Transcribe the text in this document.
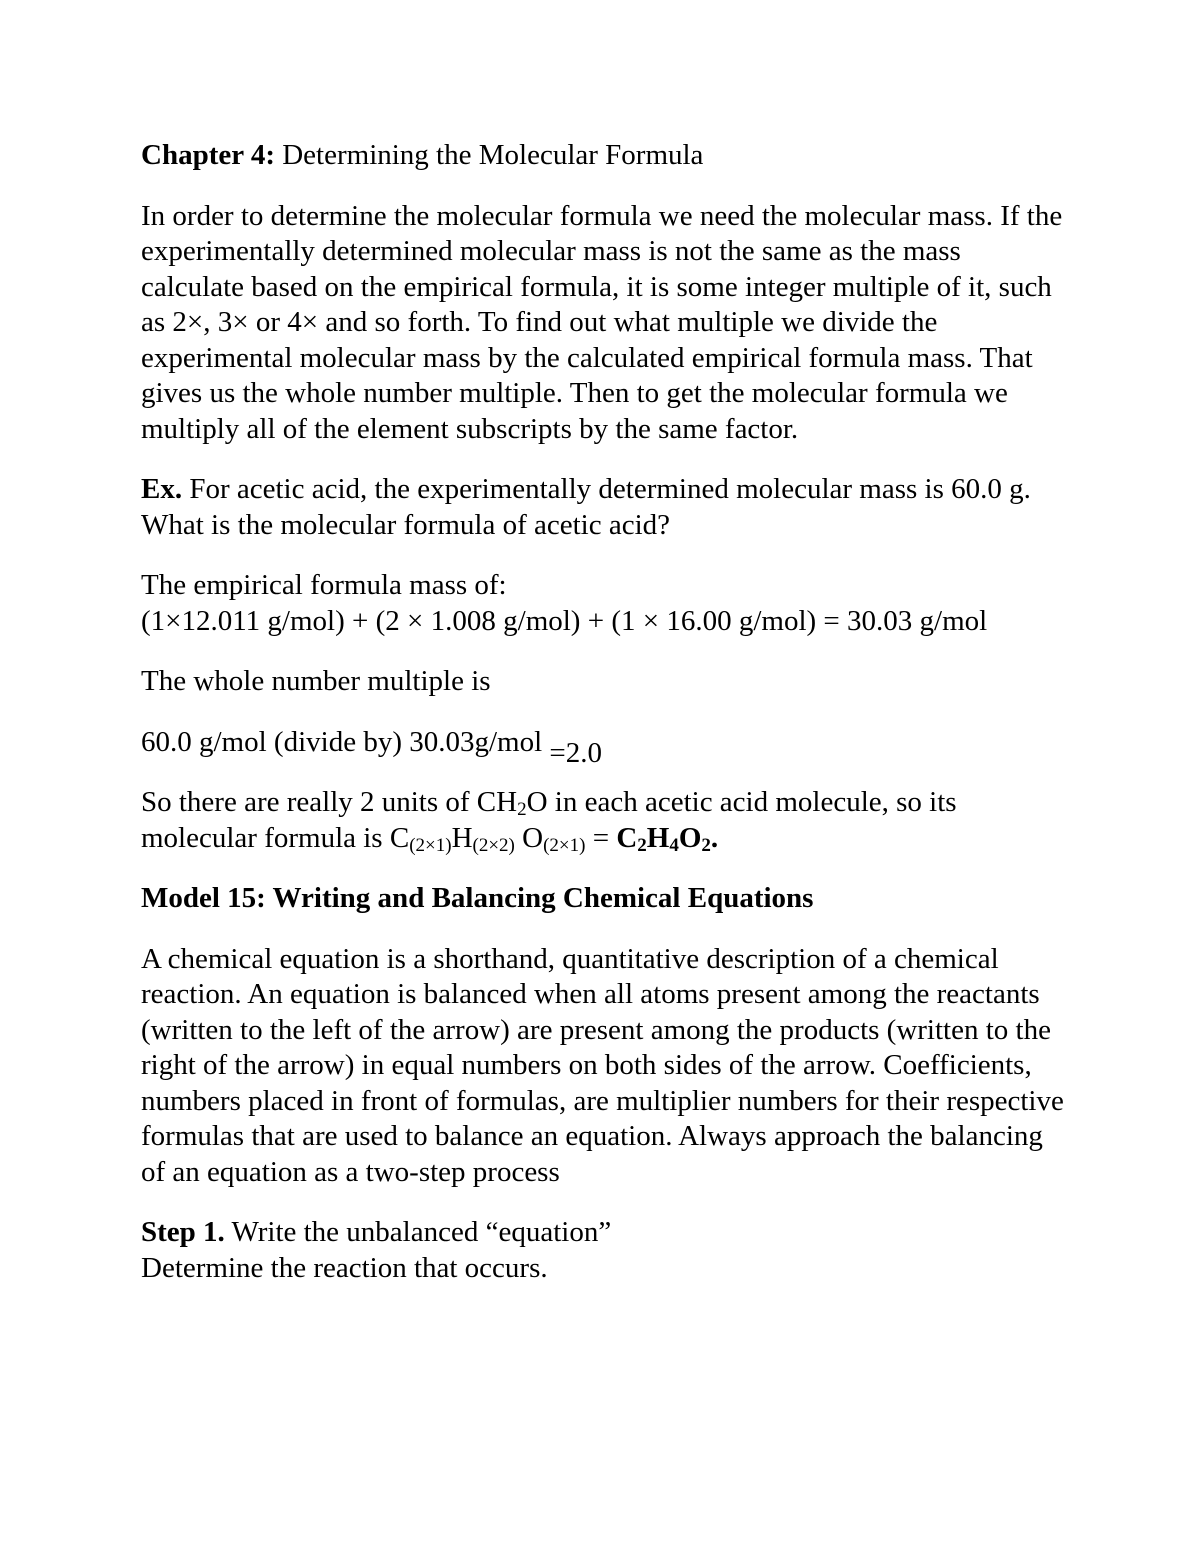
Chapter 4: Determining the Molecular Formula

In order to determine the molecular formula we need the molecular mass. If the experimentally determined molecular mass is not the same as the mass calculate based on the empirical formula, it is some integer multiple of it, such as 2×, 3× or 4× and so forth. To find out what multiple we divide the experimental molecular mass by the calculated empirical formula mass. That gives us the whole number multiple. Then to get the molecular formula we multiply all of the element subscripts by the same factor.

Ex. For acetic acid, the experimentally determined molecular mass is 60.0 g. What is the molecular formula of acetic acid?

The empirical formula mass of:

(1×12.011 g/mol) + (2 × 1.008 g/mol) + (1 × 16.00 g/mol) = 30.03 g/mol

The whole number multiple is

60.0 g/mol (divide by) 30.03g/mol =2.0

So there are really 2 units of $CH_2O$ in each acetic acid molecule, so its
molecular formula is $C_{(2\times 1)}H_{(2\times 2)}$ $O_{(2\times 1)} = C_2H_4O_2$.

Model 15: Writing and Balancing Chemical Equations

A chemical equation is a shorthand, quantitative description of a chemical reaction. An equation is balanced when all atoms present among the reactants (written to the left of the arrow) are present among the products (written to the right of the arrow) in equal numbers on both sides of the arrow. Coefficients, numbers placed in front of formulas, are multiplier numbers for their respective formulas that are used to balance an equation. Always approach the balancing of an equation as a two-step process

Step 1. Write the unbalanced “equation”

Determine the reaction that occurs.
